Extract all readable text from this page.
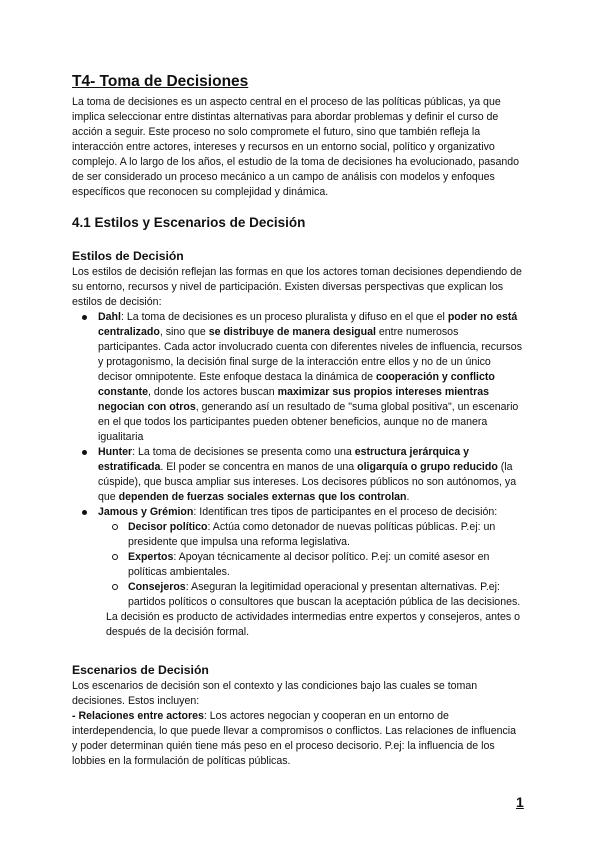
T4- Toma de Decisiones

La toma de decisiones es un aspecto central en el proceso de las políticas públicas, ya que implica seleccionar entre distintas alternativas para abordar problemas y definir el curso de acción a seguir. Este proceso no solo compromete el futuro, sino que también refleja la interacción entre actores, intereses y recursos en un entorno social, político y organizativo complejo. A lo largo de los años, el estudio de la toma de decisiones ha evolucionado, pasando de ser considerado un proceso mecánico a un campo de análisis con modelos y enfoques específicos que reconocen su complejidad y dinámica.

4.1 Estilos y Escenarios de Decisión
Estilos de Decisión

Los estilos de decisión reflejan las formas en que los actores toman decisiones dependiendo de su entorno, recursos y nivel de participación. Existen diversas perspectivas que explican los estilos de decisión:

Dahl: La toma de decisiones es un proceso pluralista y difuso en el que el poder no está centralizado, sino que se distribuye de manera desigual entre numerosos participantes. Cada actor involucrado cuenta con diferentes niveles de influencia, recursos y protagonismo, la decisión final surge de la interacción entre ellos y no de un único decisor omnipotente. Este enfoque destaca la dinámica de cooperación y conflicto constante, donde los actores buscan maximizar sus propios intereses mientras negocian con otros, generando así un resultado de "suma global positiva", un escenario en el que todos los participantes pueden obtener beneficios, aunque no de manera igualitaria
Hunter: La toma de decisiones se presenta como una estructura jerárquica y estratificada. El poder se concentra en manos de una oligarquía o grupo reducido (la cúspide), que busca ampliar sus intereses. Los decisores públicos no son autónomos, ya que dependen de fuerzas sociales externas que los controlan.
Jamous y Grémion: Identifican tres tipos de participantes en el proceso de decisión:
Decisor político: Actúa como detonador de nuevas políticas públicas. P.ej: un presidente que impulsa una reforma legislativa.
Expertos: Apoyan técnicamente al decisor político. P.ej: un comité asesor en políticas ambientales.
Consejeros: Aseguran la legitimidad operacional y presentan alternativas. P.ej: partidos políticos o consultores que buscan la aceptación pública de las decisiones.

La decisión es producto de actividades intermedias entre expertos y consejeros, antes o después de la decisión formal.

Escenarios de Decisión

Los escenarios de decisión son el contexto y las condiciones bajo las cuales se toman decisiones. Estos incluyen:

- Relaciones entre actores: Los actores negocian y cooperan en un entorno de interdependencia, lo que puede llevar a compromisos o conflictos. Las relaciones de influencia y poder determinan quién tiene más peso en el proceso decisorio. P.ej: la influencia de los lobbies en la formulación de políticas públicas.

1
